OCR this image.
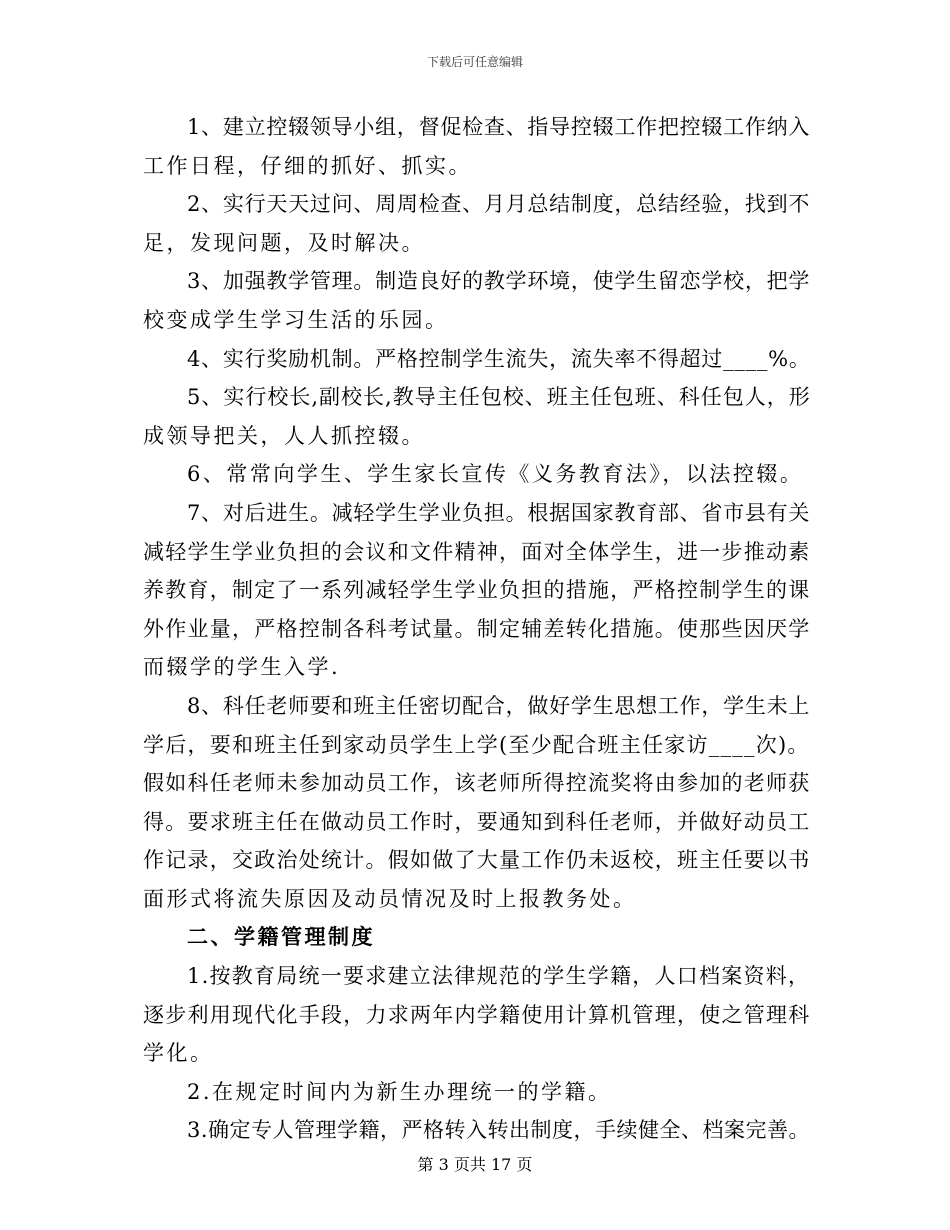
下载后可任意编辑
1、建立控辍领导小组，督促检查、指导控辍工作把控辍工作纳入
工作日程，仔细的抓好、抓实。
2、实行天天过问、周周检查、月月总结制度，总结经验，找到不
足，发现问题，及时解决。
3、加强教学管理。制造良好的教学环境，使学生留恋学校，把学
校变成学生学习生活的乐园。
4、实行奖励机制。严格控制学生流失，流失率不得超过____%。
5、实行校长,副校长,教导主任包校、班主任包班、科任包人，形
成领导把关，人人抓控辍。
6、常常向学生、学生家长宣传《义务教育法》，以法控辍。
7、对后进生。减轻学生学业负担。根据国家教育部、省市县有关
减轻学生学业负担的会议和文件精神，面对全体学生，进一步推动素
养教育，制定了一系列减轻学生学业负担的措施，严格控制学生的课
外作业量，严格控制各科考试量。制定辅差转化措施。使那些因厌学
而辍学的学生入学.
8、科任老师要和班主任密切配合，做好学生思想工作，学生未上
学后，要和班主任到家动员学生上学(至少配合班主任家访____次)。
假如科任老师未参加动员工作，该老师所得控流奖将由参加的老师获
得。要求班主任在做动员工作时，要通知到科任老师，并做好动员工
作记录，交政治处统计。假如做了大量工作仍未返校，班主任要以书
面形式将流失原因及动员情况及时上报教务处。
二、学籍管理制度
1.按教育局统一要求建立法律规范的学生学籍，人口档案资料，
逐步利用现代化手段，力求两年内学籍使用计算机管理，使之管理科
学化。
2.在规定时间内为新生办理统一的学籍。
3.确定专人管理学籍，严格转入转出制度，手续健全、档案完善。
第 3 页共 17 页
